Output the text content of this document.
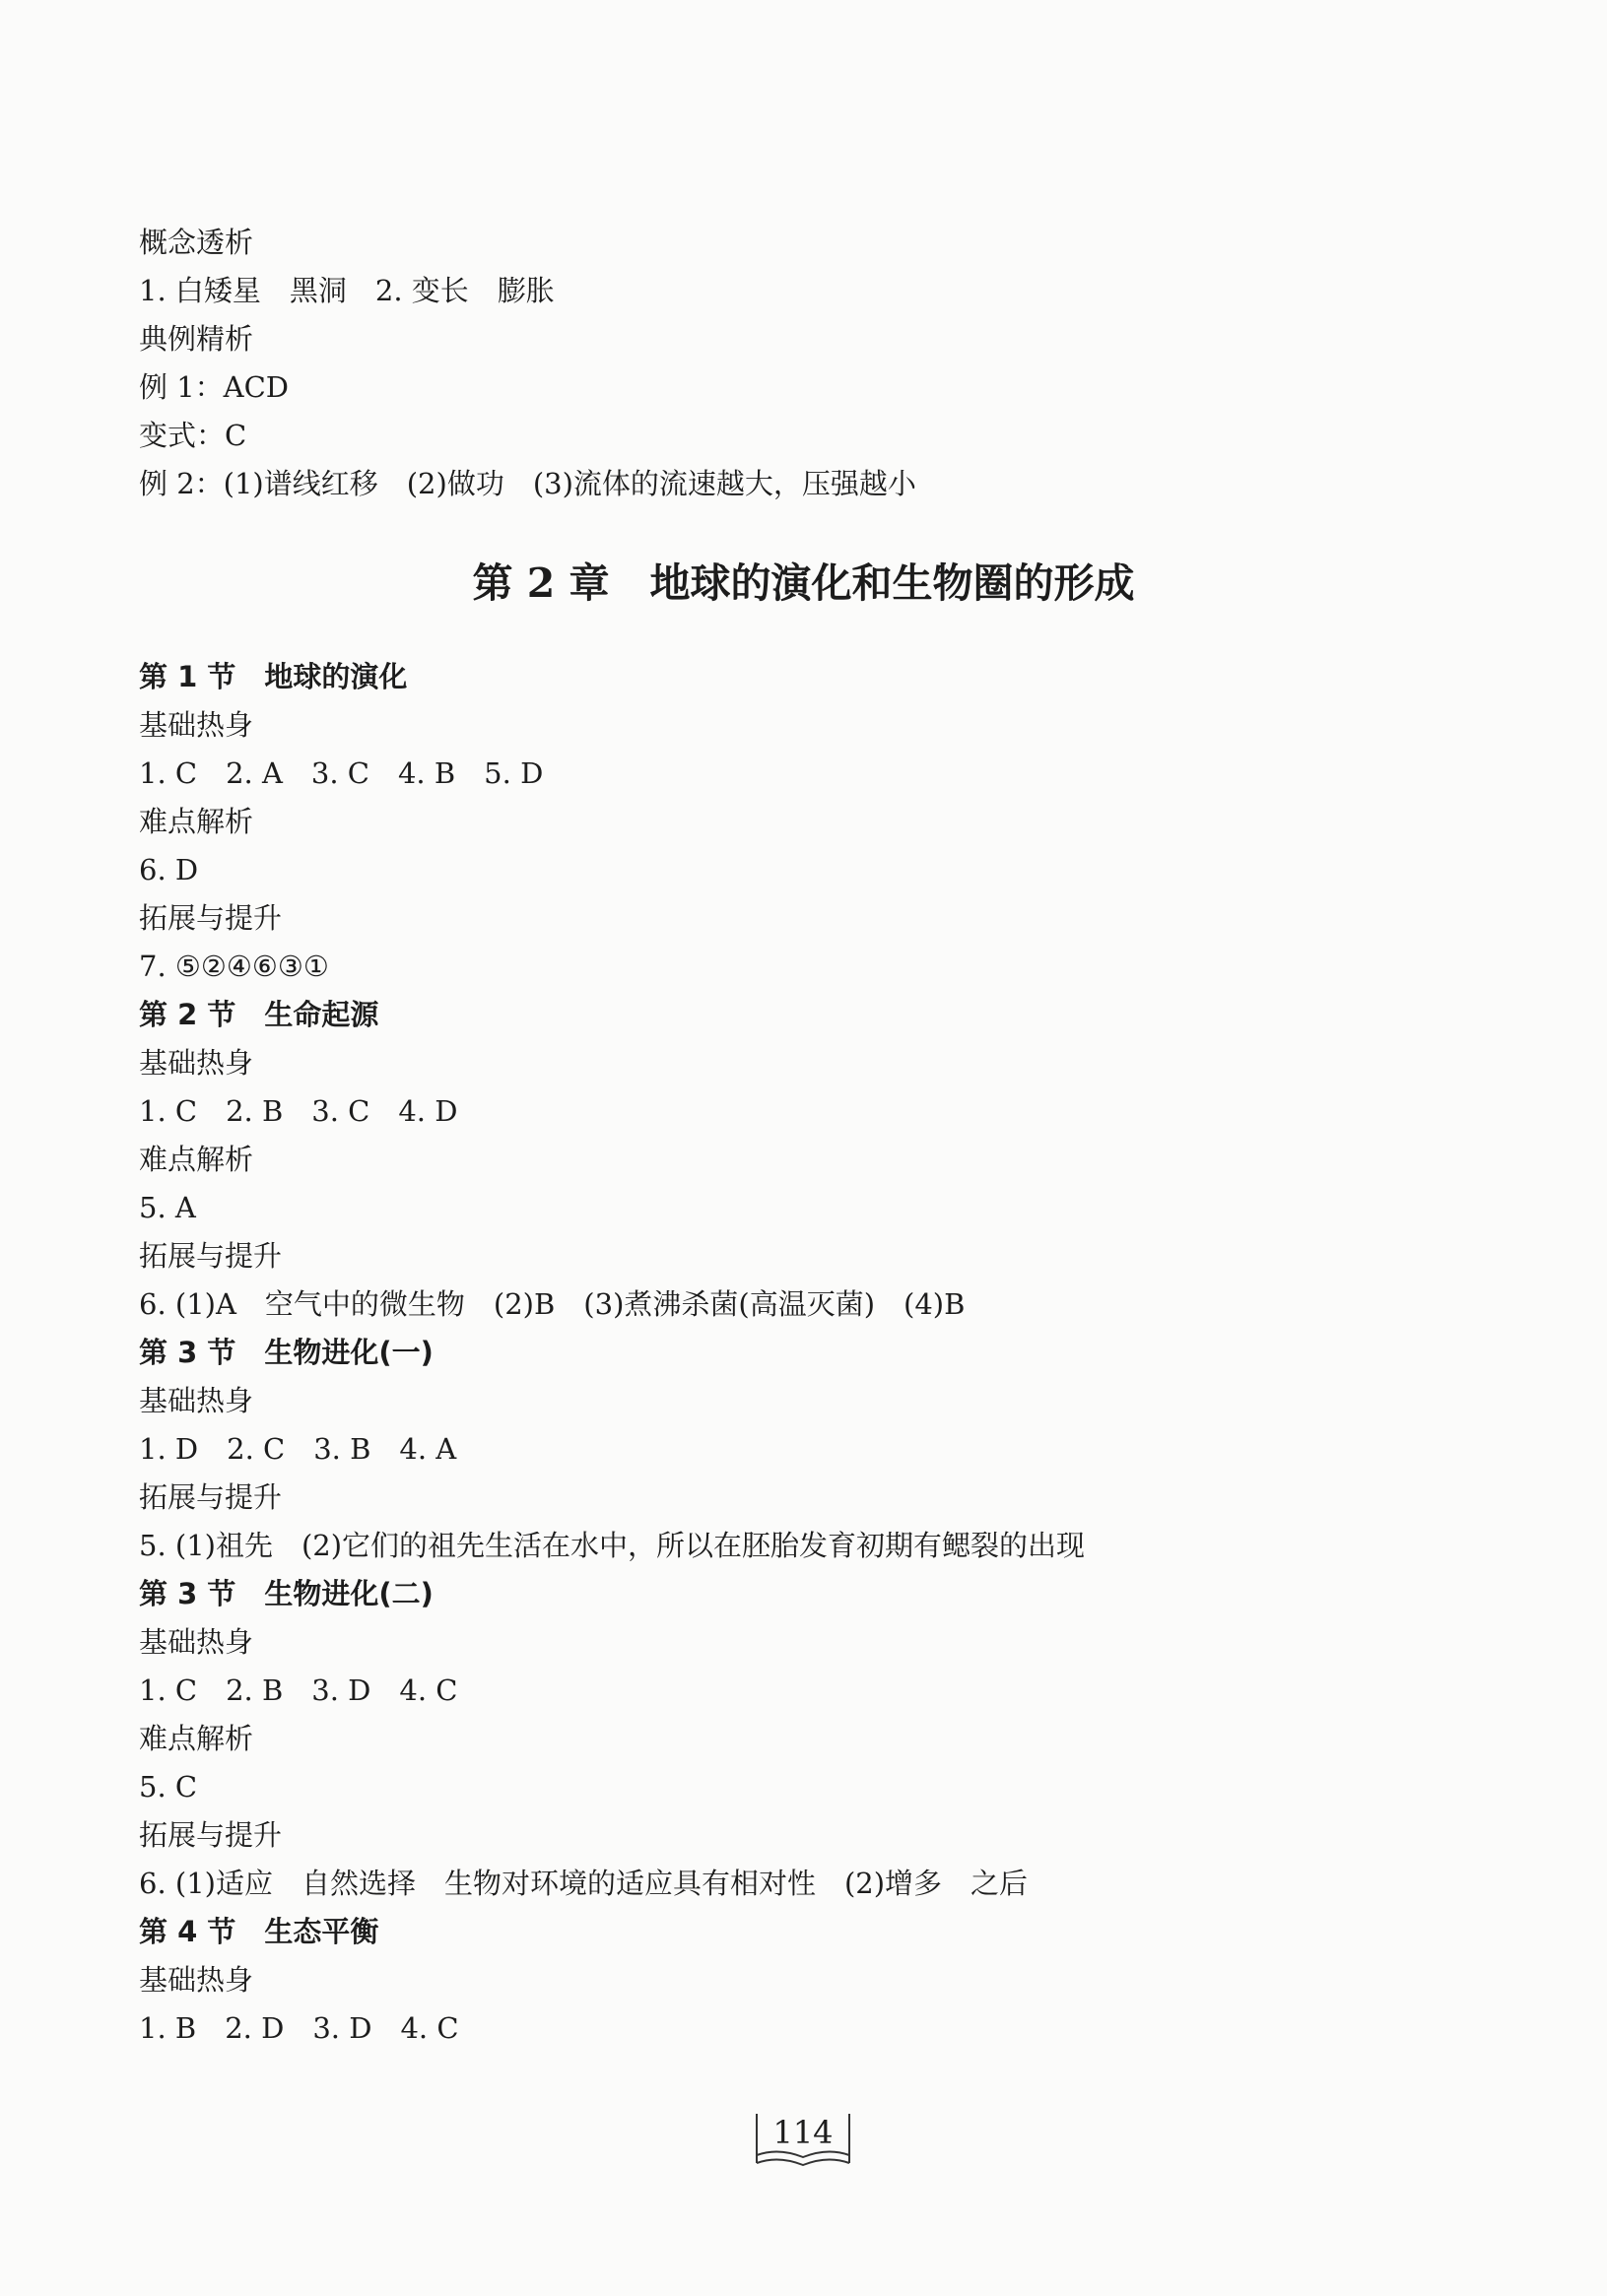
概念透析
1. 白矮星　黑洞　2. 变长　膨胀
典例精析
例 1：ACD
变式：C
例 2：(1)谱线红移　(2)做功　(3)流体的流速越大，压强越小
第 2 章　地球的演化和生物圈的形成
第 1 节　地球的演化
基础热身
1. C　2. A　3. C　4. B　5. D
难点解析
6. D
拓展与提升
7. ⑤②④⑥③①
第 2 节　生命起源
基础热身
1. C　2. B　3. C　4. D
难点解析
5. A
拓展与提升
6. (1)A　空气中的微生物　(2)B　(3)煮沸杀菌(高温灭菌)　(4)B
第 3 节　生物进化(一)
基础热身
1. D　2. C　3. B　4. A
拓展与提升
5. (1)祖先　(2)它们的祖先生活在水中，所以在胚胎发育初期有鳃裂的出现
第 3 节　生物进化(二)
基础热身
1. C　2. B　3. D　4. C
难点解析
5. C
拓展与提升
6. (1)适应　自然选择　生物对环境的适应具有相对性　(2)增多　之后
第 4 节　生态平衡
基础热身
1. B　2. D　3. D　4. C
114
